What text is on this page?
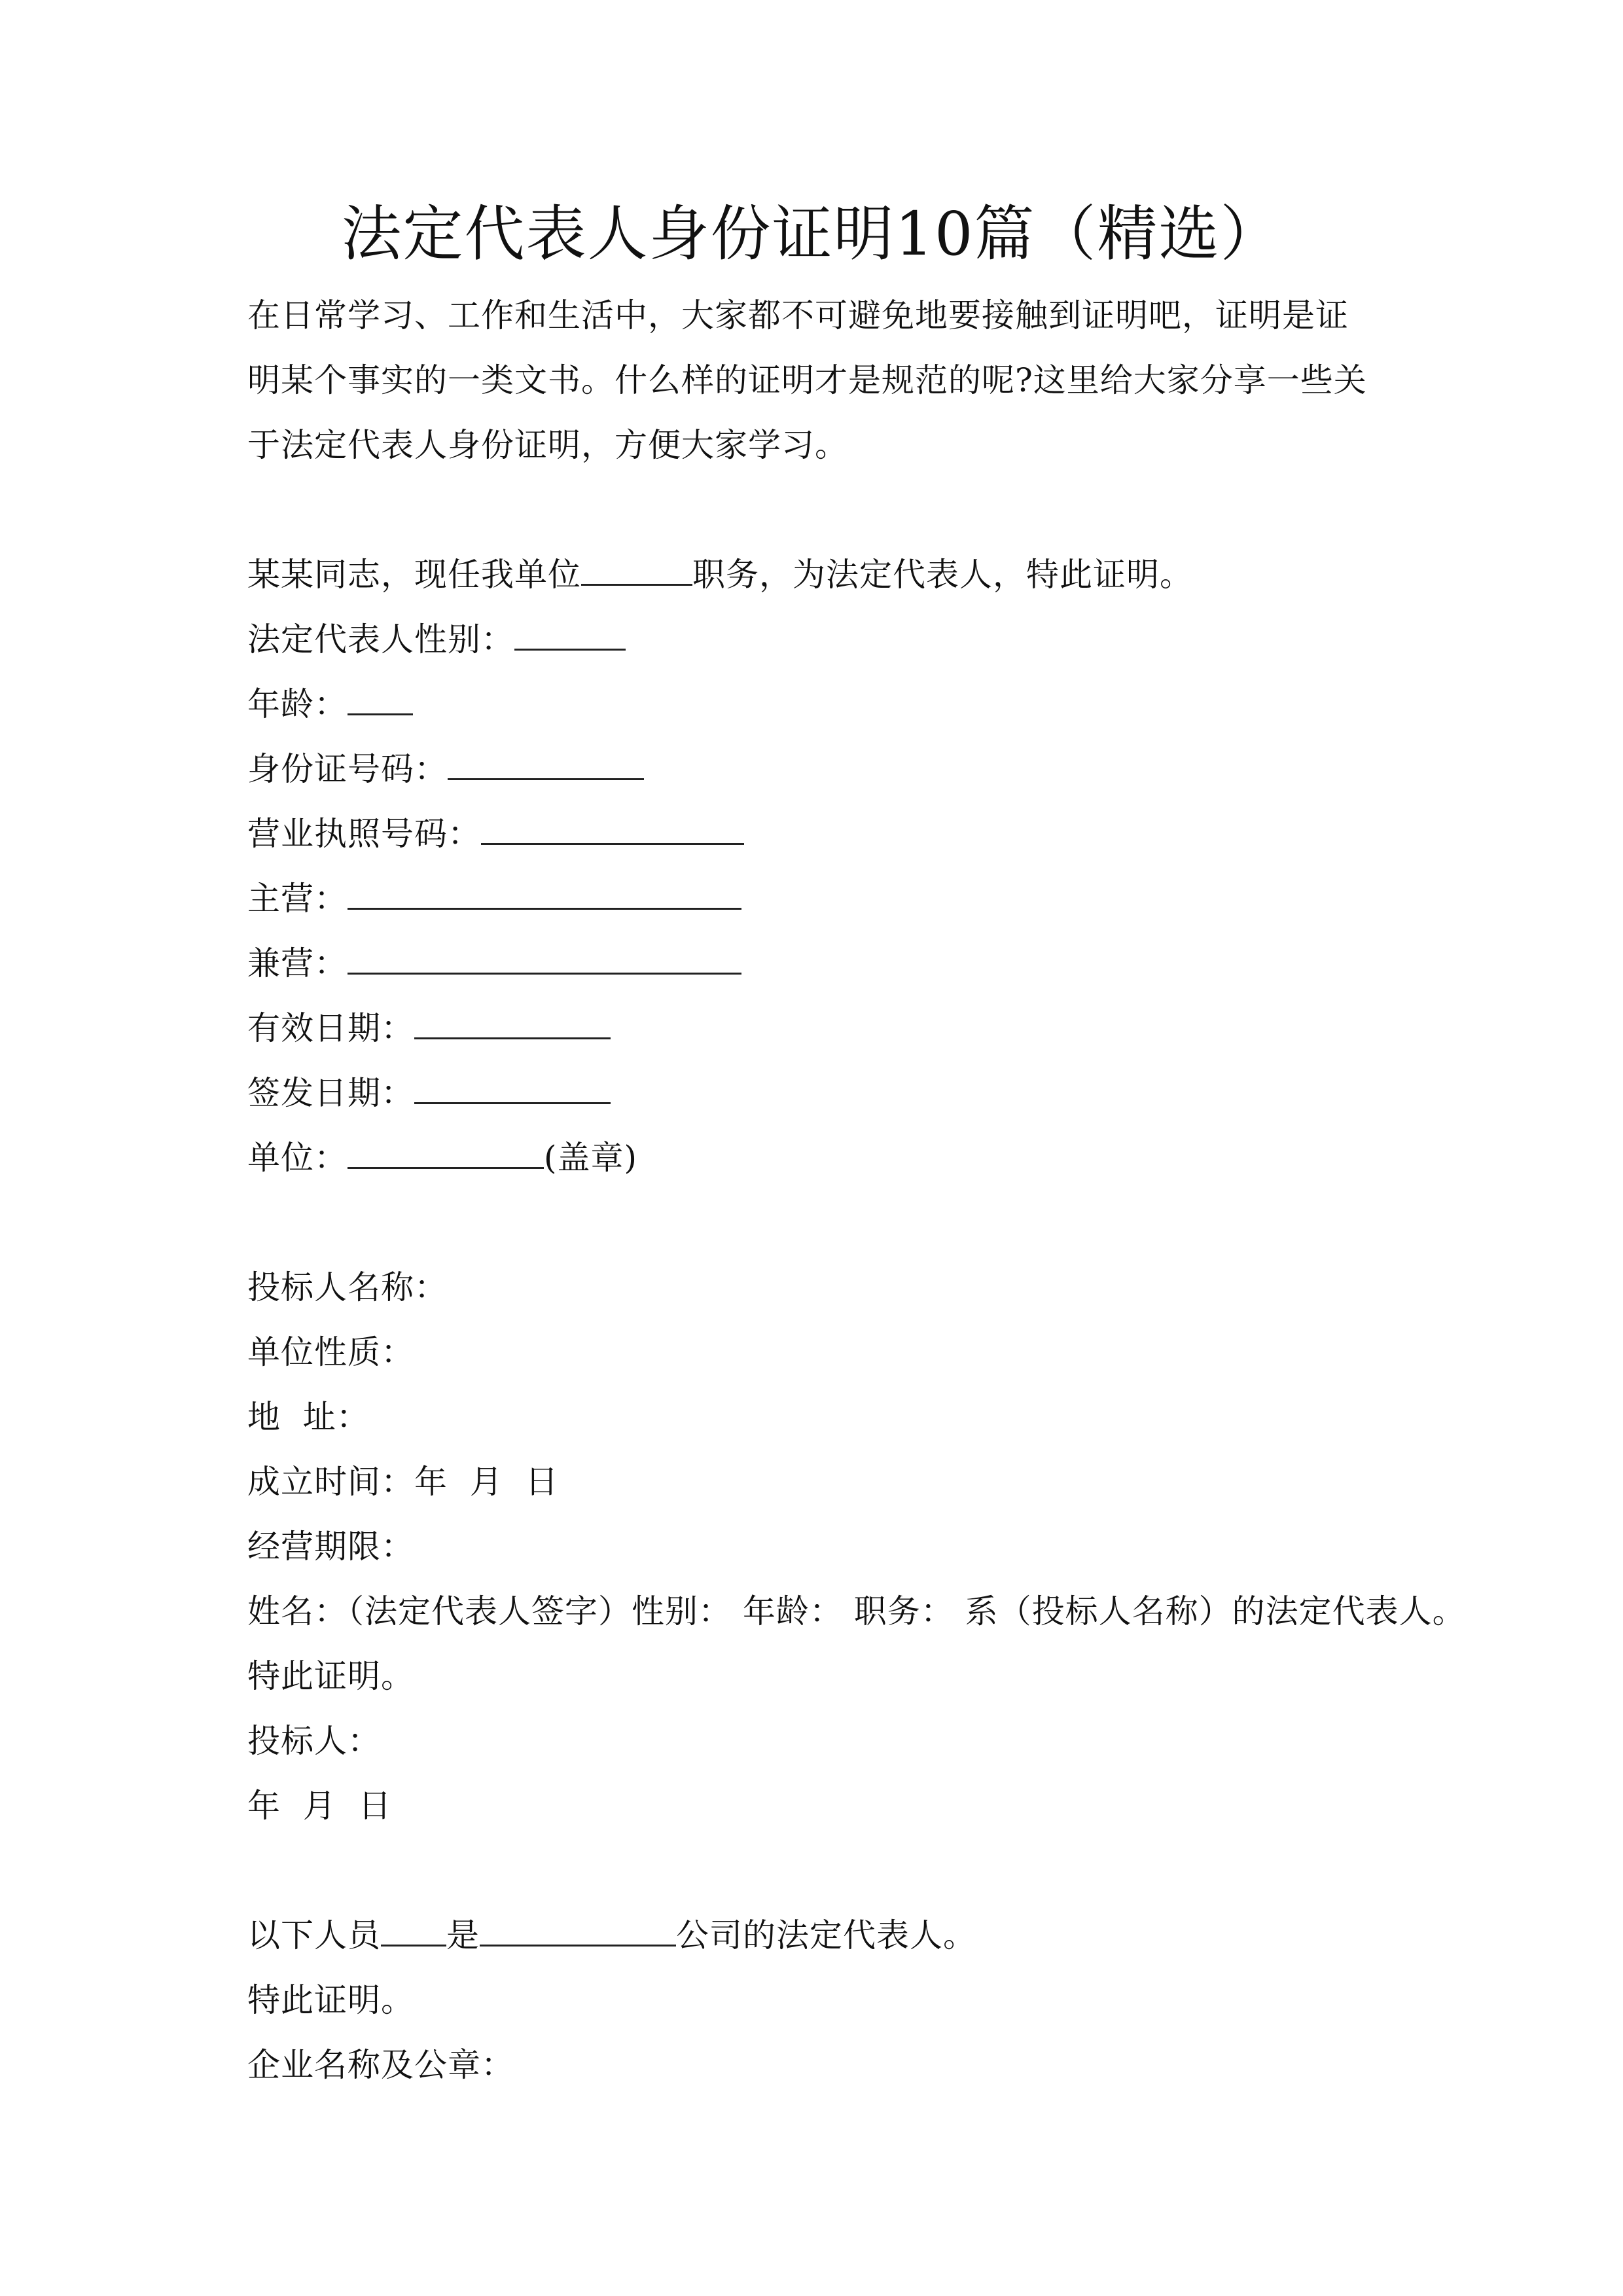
法定代表人身份证明10篇（精选）

在日常学习、工作和生活中，大家都不可避免地要接触到证明吧，证明是证明某个事实的一类文书。什么样的证明才是规范的呢?这里给大家分享一些关于法定代表人身份证明，方便大家学习。

某某同志，现任我单位	职务，为法定代表人，特此证明。
法定代表人性别：
年龄：
身份证号码：
营业执照号码：
主营：
兼营：
有效日期：
签发日期：
单位：	(盖章)
投标人名称：
单位性质：
地  址：
成立时间：年  月  日
经营期限：
姓名：（法定代表人签字）性别： 年龄： 职务： 系（投标人名称）的法定代表人。
特此证明。
投标人：
年  月  日
以下人员 是	公司的法定代表人。
特此证明。
企业名称及公章：
